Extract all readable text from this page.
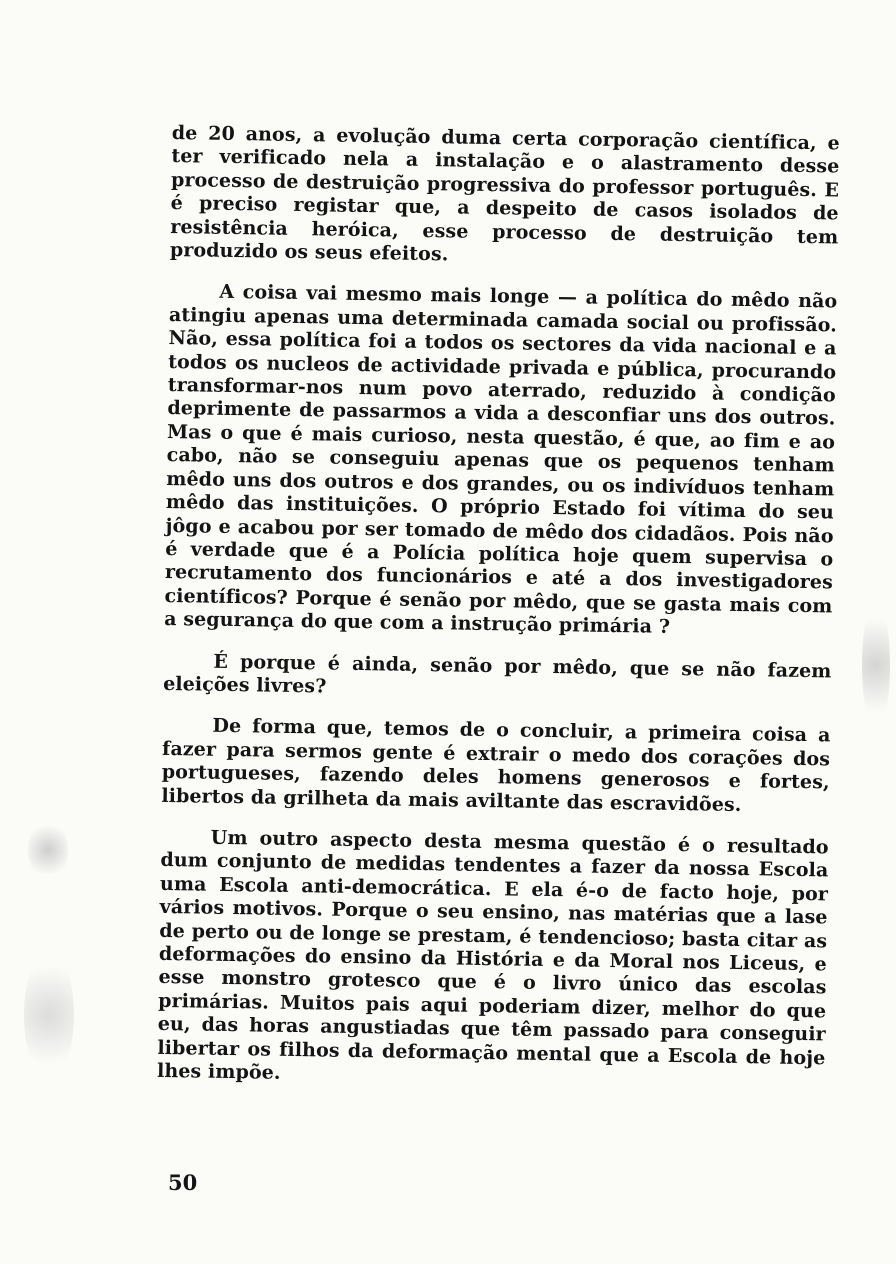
de 20 anos, a evolução duma certa corporação científica, e ter verificado nela a instalação e o alastramento desse processo de destruição progressiva do professor português. E é preciso registar que, a despeito de casos isolados de resistência heróica, esse processo de destruição tem produzido os seus efeitos.

A coisa vai mesmo mais longe — a política do mêdo não atingiu apenas uma determinada camada social ou profissão. Não, essa política foi a todos os sectores da vida nacional e a todos os nucleos de actividade privada e pública, procurando transformar-nos num povo aterrado, reduzido à condição deprimente de passarmos a vida a desconfiar uns dos outros. Mas o que é mais curioso, nesta questão, é que, ao fim e ao cabo, não se conseguiu apenas que os pequenos tenham mêdo uns dos outros e dos grandes, ou os indivíduos tenham mêdo das instituições. O próprio Estado foi vítima do seu jôgo e acabou por ser tomado de mêdo dos cidadãos. Pois não é verdade que é a Polícia política hoje quem supervisa o recrutamento dos funcionários e até a dos investigadores científicos? Porque é senão por mêdo, que se gasta mais com a segurança do que com a instrução primária ?

É porque é ainda, senão por mêdo, que se não fazem eleições livres?

De forma que, temos de o concluir, a primeira coisa a fazer para sermos gente é extrair o medo dos corações dos portugueses, fazendo deles homens generosos e fortes, libertos da grilheta da mais aviltante das escravidões.

Um outro aspecto desta mesma questão é o resultado dum conjunto de medidas tendentes a fazer da nossa Escola uma Escola anti-democrática. E ela é-o de facto hoje, por vários motivos. Porque o seu ensino, nas matérias que a lase de perto ou de longe se prestam, é tendencioso; basta citar as deformações do ensino da História e da Moral nos Liceus, e esse monstro grotesco que é o livro único das escolas primárias. Muitos pais aqui poderiam dizer, melhor do que eu, das horas angustiadas que têm passado para conseguir libertar os filhos da deformação mental que a Escola de hoje lhes impõe.

50
